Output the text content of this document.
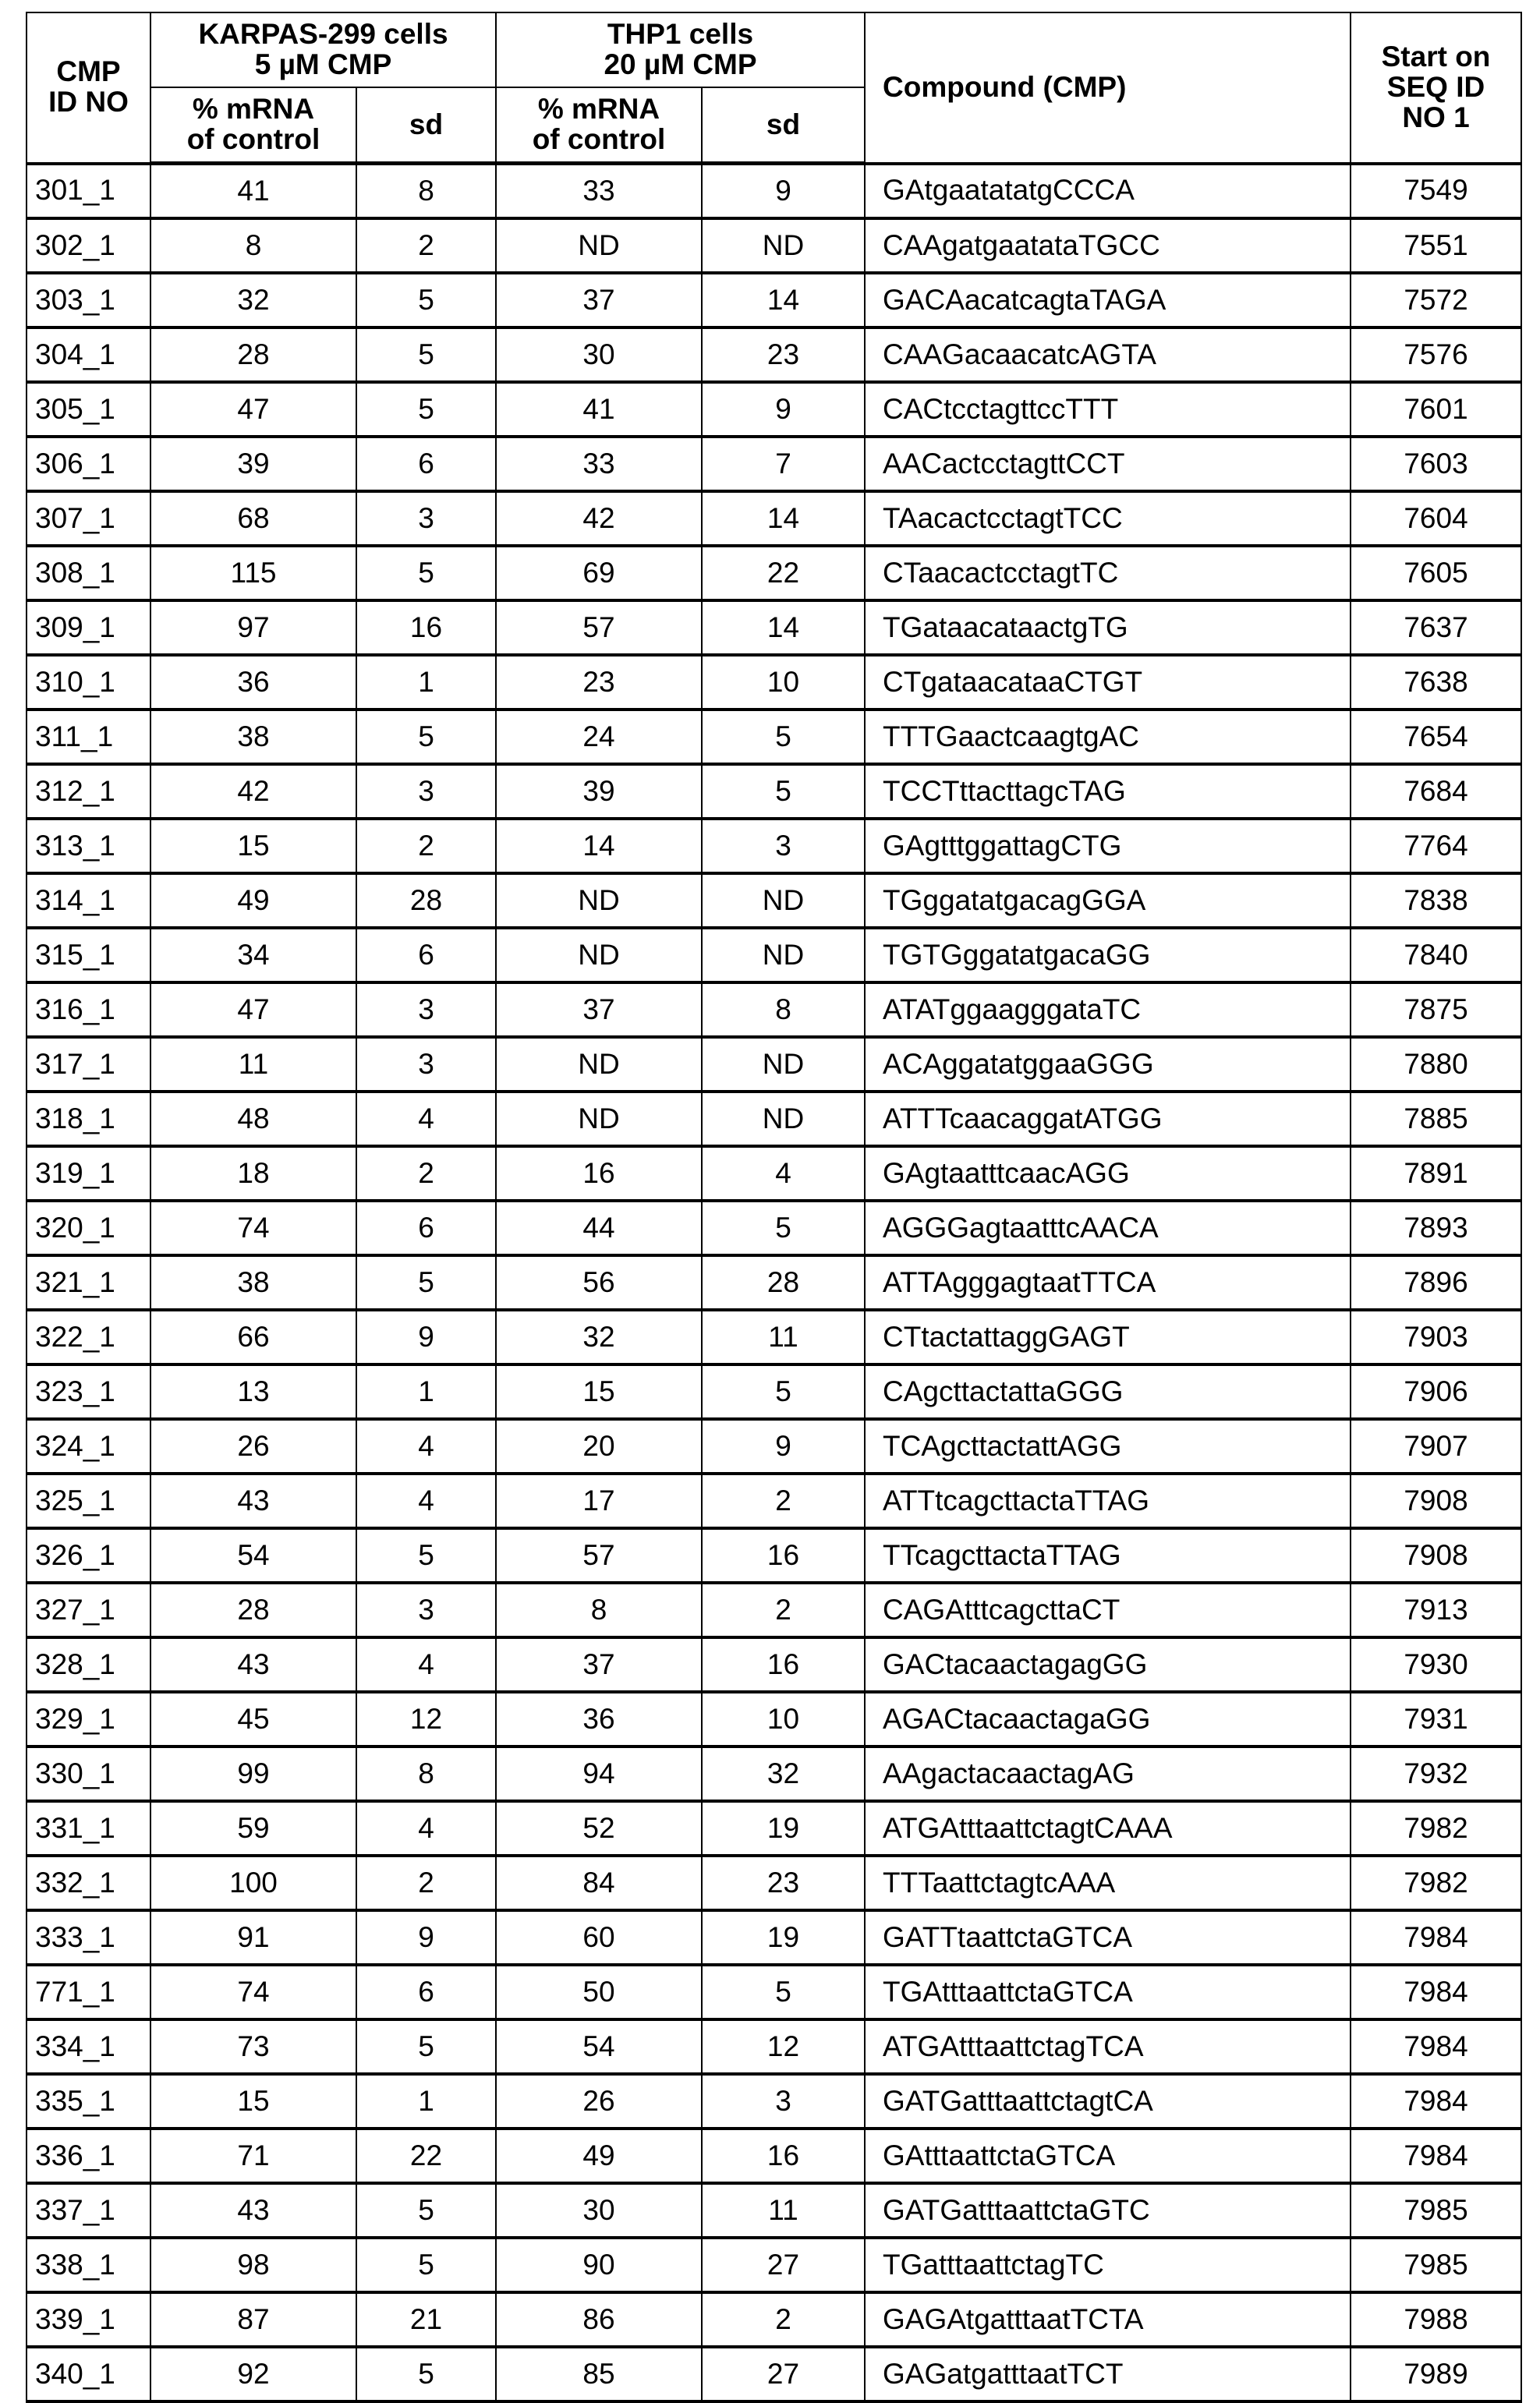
CMP
ID NO	KARPAS-299 cells
5 µM CMP	THP1 cells
20 µM CMP	Compound (CMP)	Start on
SEQ ID
NO 1
% mRNA
of control	sd	% mRNA
of control	sd
301_1	41	8	33	9	GAtgaatatatgCCCA	7549
302_1	8	2	ND	ND	CAAgatgaatataTGCC	7551
303_1	32	5	37	14	GACAacatcagtaTAGA	7572
304_1	28	5	30	23	CAAGacaacatcAGTA	7576
305_1	47	5	41	9	CACtcctagttccTTT	7601
306_1	39	6	33	7	AACactcctagttCCT	7603
307_1	68	3	42	14	TAacactcctagtTCC	7604
308_1	115	5	69	22	CTaacactcctagtTC	7605
309_1	97	16	57	14	TGataacataactgTG	7637
310_1	36	1	23	10	CTgataacataaCTGT	7638
311_1	38	5	24	5	TTTGaactcaagtgAC	7654
312_1	42	3	39	5	TCCTttacttagcTAG	7684
313_1	15	2	14	3	GAgtttggattagCTG	7764
314_1	49	28	ND	ND	TGggatatgacagGGA	7838
315_1	34	6	ND	ND	TGTGggatatgacaGG	7840
316_1	47	3	37	8	ATATggaagggataTC	7875
317_1	11	3	ND	ND	ACAggatatggaaGGG	7880
318_1	48	4	ND	ND	ATTTcaacaggatATGG	7885
319_1	18	2	16	4	GAgtaatttcaacAGG	7891
320_1	74	6	44	5	AGGGagtaatttcAACA	7893
321_1	38	5	56	28	ATTAgggagtaatTTCA	7896
322_1	66	9	32	11	CTtactattaggGAGT	7903
323_1	13	1	15	5	CAgcttactattaGGG	7906
324_1	26	4	20	9	TCAgcttactattAGG	7907
325_1	43	4	17	2	ATTtcagcttactaTTAG	7908
326_1	54	5	57	16	TTcagcttactaTTAG	7908
327_1	28	3	8	2	CAGAtttcagcttaCT	7913
328_1	43	4	37	16	GACtacaactagagGG	7930
329_1	45	12	36	10	AGACtacaactagaGG	7931
330_1	99	8	94	32	AAgactacaactagAG	7932
331_1	59	4	52	19	ATGAtttaattctagtCAAA	7982
332_1	100	2	84	23	TTTaattctagtcAAA	7982
333_1	91	9	60	19	GATTtaattctaGTCA	7984
771_1	74	6	50	5	TGAtttaattctaGTCA	7984
334_1	73	5	54	12	ATGAtttaattctagTCA	7984
335_1	15	1	26	3	GATGatttaattctagtCA	7984
336_1	71	22	49	16	GAtttaattctaGTCA	7984
337_1	43	5	30	11	GATGatttaattctaGTC	7985
338_1	98	5	90	27	TGatttaattctagTC	7985
339_1	87	21	86	2	GAGAtgatttaatTCTA	7988
340_1	92	5	85	27	GAGatgatttaatTCT	7989
